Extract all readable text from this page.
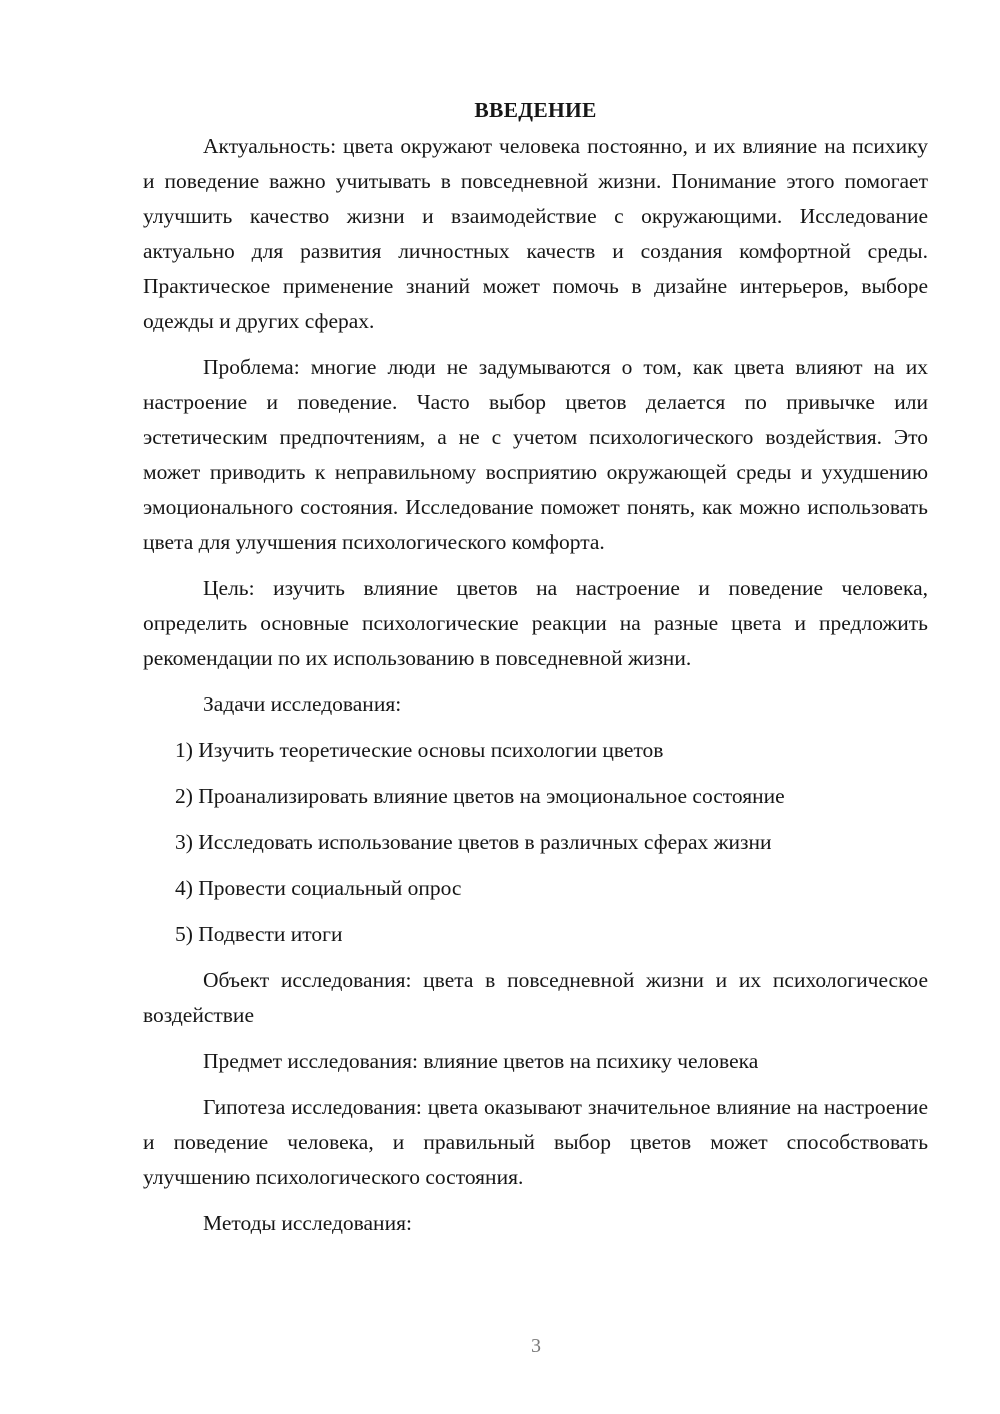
ВВЕДЕНИЕ

Актуальность: цвета окружают человека постоянно, и их влияние на психику и поведение важно учитывать в повседневной жизни. Понимание этого помогает улучшить качество жизни и взаимодействие с окружающими. Исследование актуально для развития личностных качеств и создания комфортной среды. Практическое применение знаний может помочь в дизайне интерьеров, выборе одежды и других сферах.

Проблема: многие люди не задумываются о том, как цвета влияют на их настроение и поведение. Часто выбор цветов делается по привычке или эстетическим предпочтениям, а не с учетом психологического воздействия. Это может приводить к неправильному восприятию окружающей среды и ухудшению эмоционального состояния. Исследование поможет понять, как можно использовать цвета для улучшения психологического комфорта.

Цель: изучить влияние цветов на настроение и поведение человека, определить основные психологические реакции на разные цвета и предложить рекомендации по их использованию в повседневной жизни.

Задачи исследования:

1) Изучить теоретические основы психологии цветов

2) Проанализировать влияние цветов на эмоциональное состояние

3) Исследовать использование цветов в различных сферах жизни

4) Провести социальный опрос

5) Подвести итоги

Объект исследования: цвета в повседневной жизни и их психологическое воздействие

Предмет исследования: влияние цветов на психику человека

Гипотеза исследования: цвета оказывают значительное влияние на настроение и поведение человека, и правильный выбор цветов может способствовать улучшению психологического состояния.

Методы исследования:

3
